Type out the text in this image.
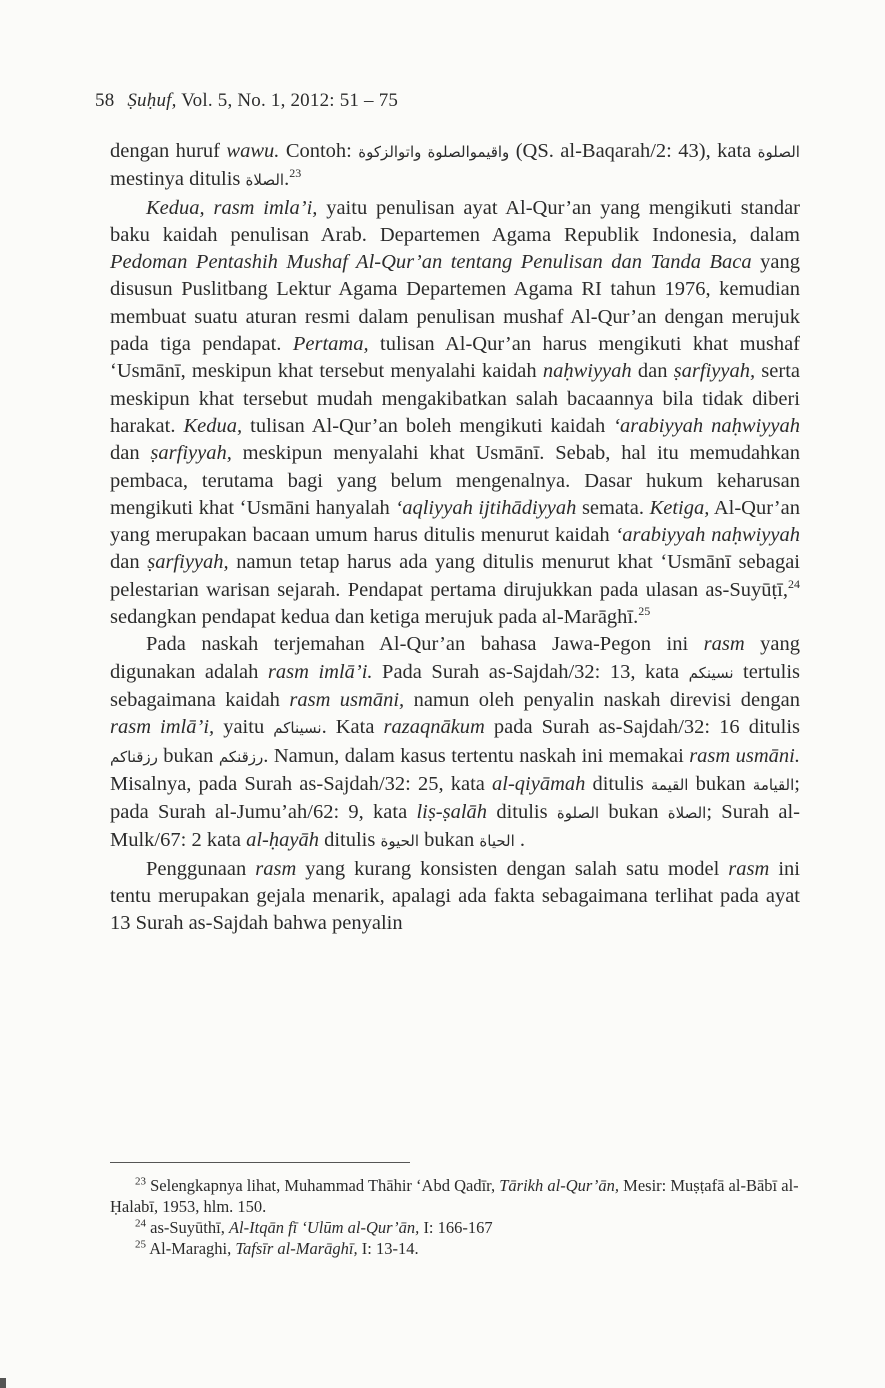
58 Ṣuḥuf, Vol. 5, No. 1, 2012: 51 – 75

dengan huruf wawu. Contoh: واقيموالصلوة واتوالزكوة (QS. al-Baqarah/2: 43), kata الصلوة mestinya ditulis الصلاة.$^{23}$

Kedua, rasm imla’i, yaitu penulisan ayat Al-Qur’an yang mengikuti standar baku kaidah penulisan Arab. Departemen Agama Republik Indonesia, dalam Pedoman Pentashih Mushaf Al-Qur’an tentang Penulisan dan Tanda Baca yang disusun Puslitbang Lektur Agama Departemen Agama RI tahun 1976, kemudian membuat suatu aturan resmi dalam penulisan mushaf Al-Qur’an dengan merujuk pada tiga pendapat. Pertama, tulisan Al-Qur’an harus mengikuti khat mushaf ‘Usmānī, meskipun khat tersebut menyalahi kaidah naḥwiyyah dan ṣarfiyyah, serta meskipun khat tersebut mudah mengakibatkan salah bacaannya bila tidak diberi harakat. Kedua, tulisan Al-Qur’an boleh mengikuti kaidah ‘arabiyyah naḥwiyyah dan ṣarfiyyah, meskipun menyalahi khat Usmānī. Sebab, hal itu memudahkan pembaca, terutama bagi yang belum mengenalnya. Dasar hukum keharusan mengikuti khat ‘Usmāni hanyalah ‘aqliyyah ijtihādiyyah semata. Ketiga, Al-Qur’an yang merupakan bacaan umum harus ditulis menurut kaidah ‘arabiyyah naḥwiyyah dan ṣarfiyyah, namun tetap harus ada yang ditulis menurut khat ‘Usmānī sebagai pelestarian warisan sejarah. Pendapat pertama dirujukkan pada ulasan as-Suyūṭī,$^{24}$ sedangkan pendapat kedua dan ketiga merujuk pada al-Marāghī.$^{25}$

Pada naskah terjemahan Al-Qur’an bahasa Jawa-Pegon ini rasm yang digunakan adalah rasm imlā’i. Pada Surah as-Sajdah/32: 13, kata نسينكم tertulis sebagaimana kaidah rasm usmāni, namun oleh penyalin naskah direvisi dengan rasm imlā’i, yaitu نسيناكم. Kata razaqnākum pada Surah as-Sajdah/32: 16 ditulis رزقناكم bukan رزقنكم. Namun, dalam kasus tertentu naskah ini memakai rasm usmāni. Misalnya, pada Surah as-Sajdah/32: 25, kata al-qiyāmah ditulis القيمة bukan القيامة; pada Surah al-Jumu’ah/62: 9, kata liṣ-ṣalāh ditulis الصلوة bukan الصلاة; Surah al-Mulk/67: 2 kata al-ḥayāh ditulis الحيوة bukan الحياة .

Penggunaan rasm yang kurang konsisten dengan salah satu model rasm ini tentu merupakan gejala menarik, apalagi ada fakta sebagaimana terlihat pada ayat 13 Surah as-Sajdah bahwa penyalin

$^{23}$ Selengkapnya lihat, Muhammad Thāhir ‘Abd Qadīr, Tārikh al-Qur’ān, Mesir: Muṣṭafā al-Bābī al-Ḥalabī, 1953, hlm. 150.

$^{24}$ as-Suyūthī, Al-Itqān fī ‘Ulūm al-Qur’ān, I: 166-167

$^{25}$ Al-Maraghi, Tafsīr al-Marāghī, I: 13-14.
